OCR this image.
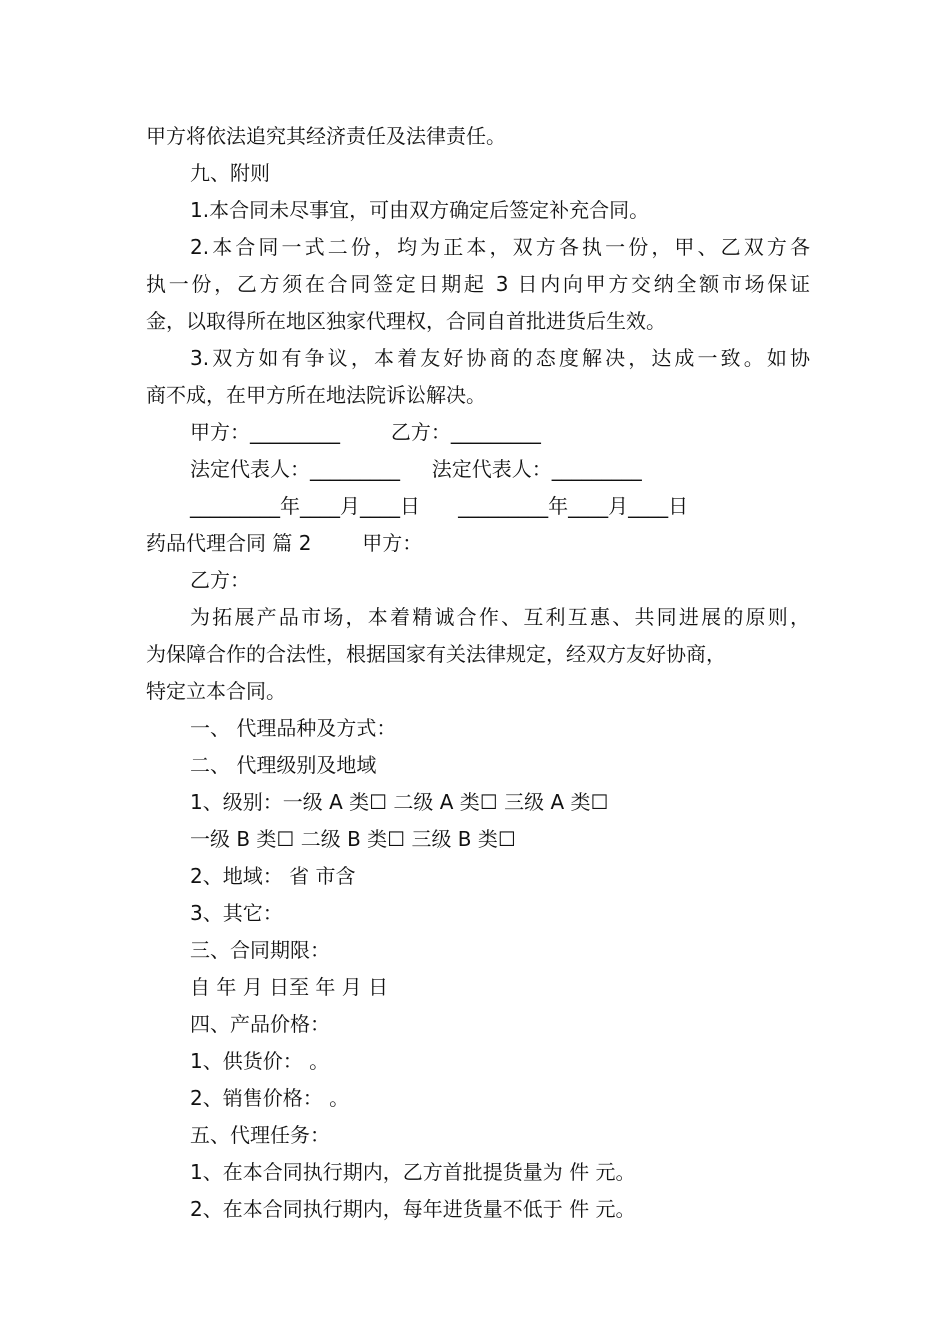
甲方将依法追究其经济责任及法律责任。

九、附则

1.本合同未尽事宜，可由双方确定后签定补充合同。

2.本合同一式二份，均为正本，双方各执一份，甲、乙双方各

执一份，乙方须在合同签定日期起 3 日内向甲方交纳全额市场保证

金，以取得所在地区独家代理权，合同自首批进货后生效。

3.双方如有争议，本着友好协商的态度解决，达成一致。如协

商不成，在甲方所在地法院诉讼解决。

甲方：_________        乙方：_________

法定代表人：_________     法定代表人：_________

_________年____月____日      _________年____月____日

药品代理合同 篇 2        甲方：

乙方：

为拓展产品市场，本着精诚合作、互利互惠、共同进展的原则，

为保障合作的合法性，根据国家有关法律规定，经双方友好协商，

特定立本合同。

一、 代理品种及方式：

二、 代理级别及地域

1、级别：一级 A 类☐ 二级 A 类☐ 三级 A 类☐

一级 B 类☐ 二级 B 类☐ 三级 B 类☐

2、地域： 省 市含

3、其它：

三、合同期限：

自 年 月 日至 年 月 日

四、产品价格：

1、供货价： 。

2、销售价格： 。

五、代理任务：

1、在本合同执行期内，乙方首批提货量为 件 元。

2、在本合同执行期内，每年进货量不低于 件 元。
